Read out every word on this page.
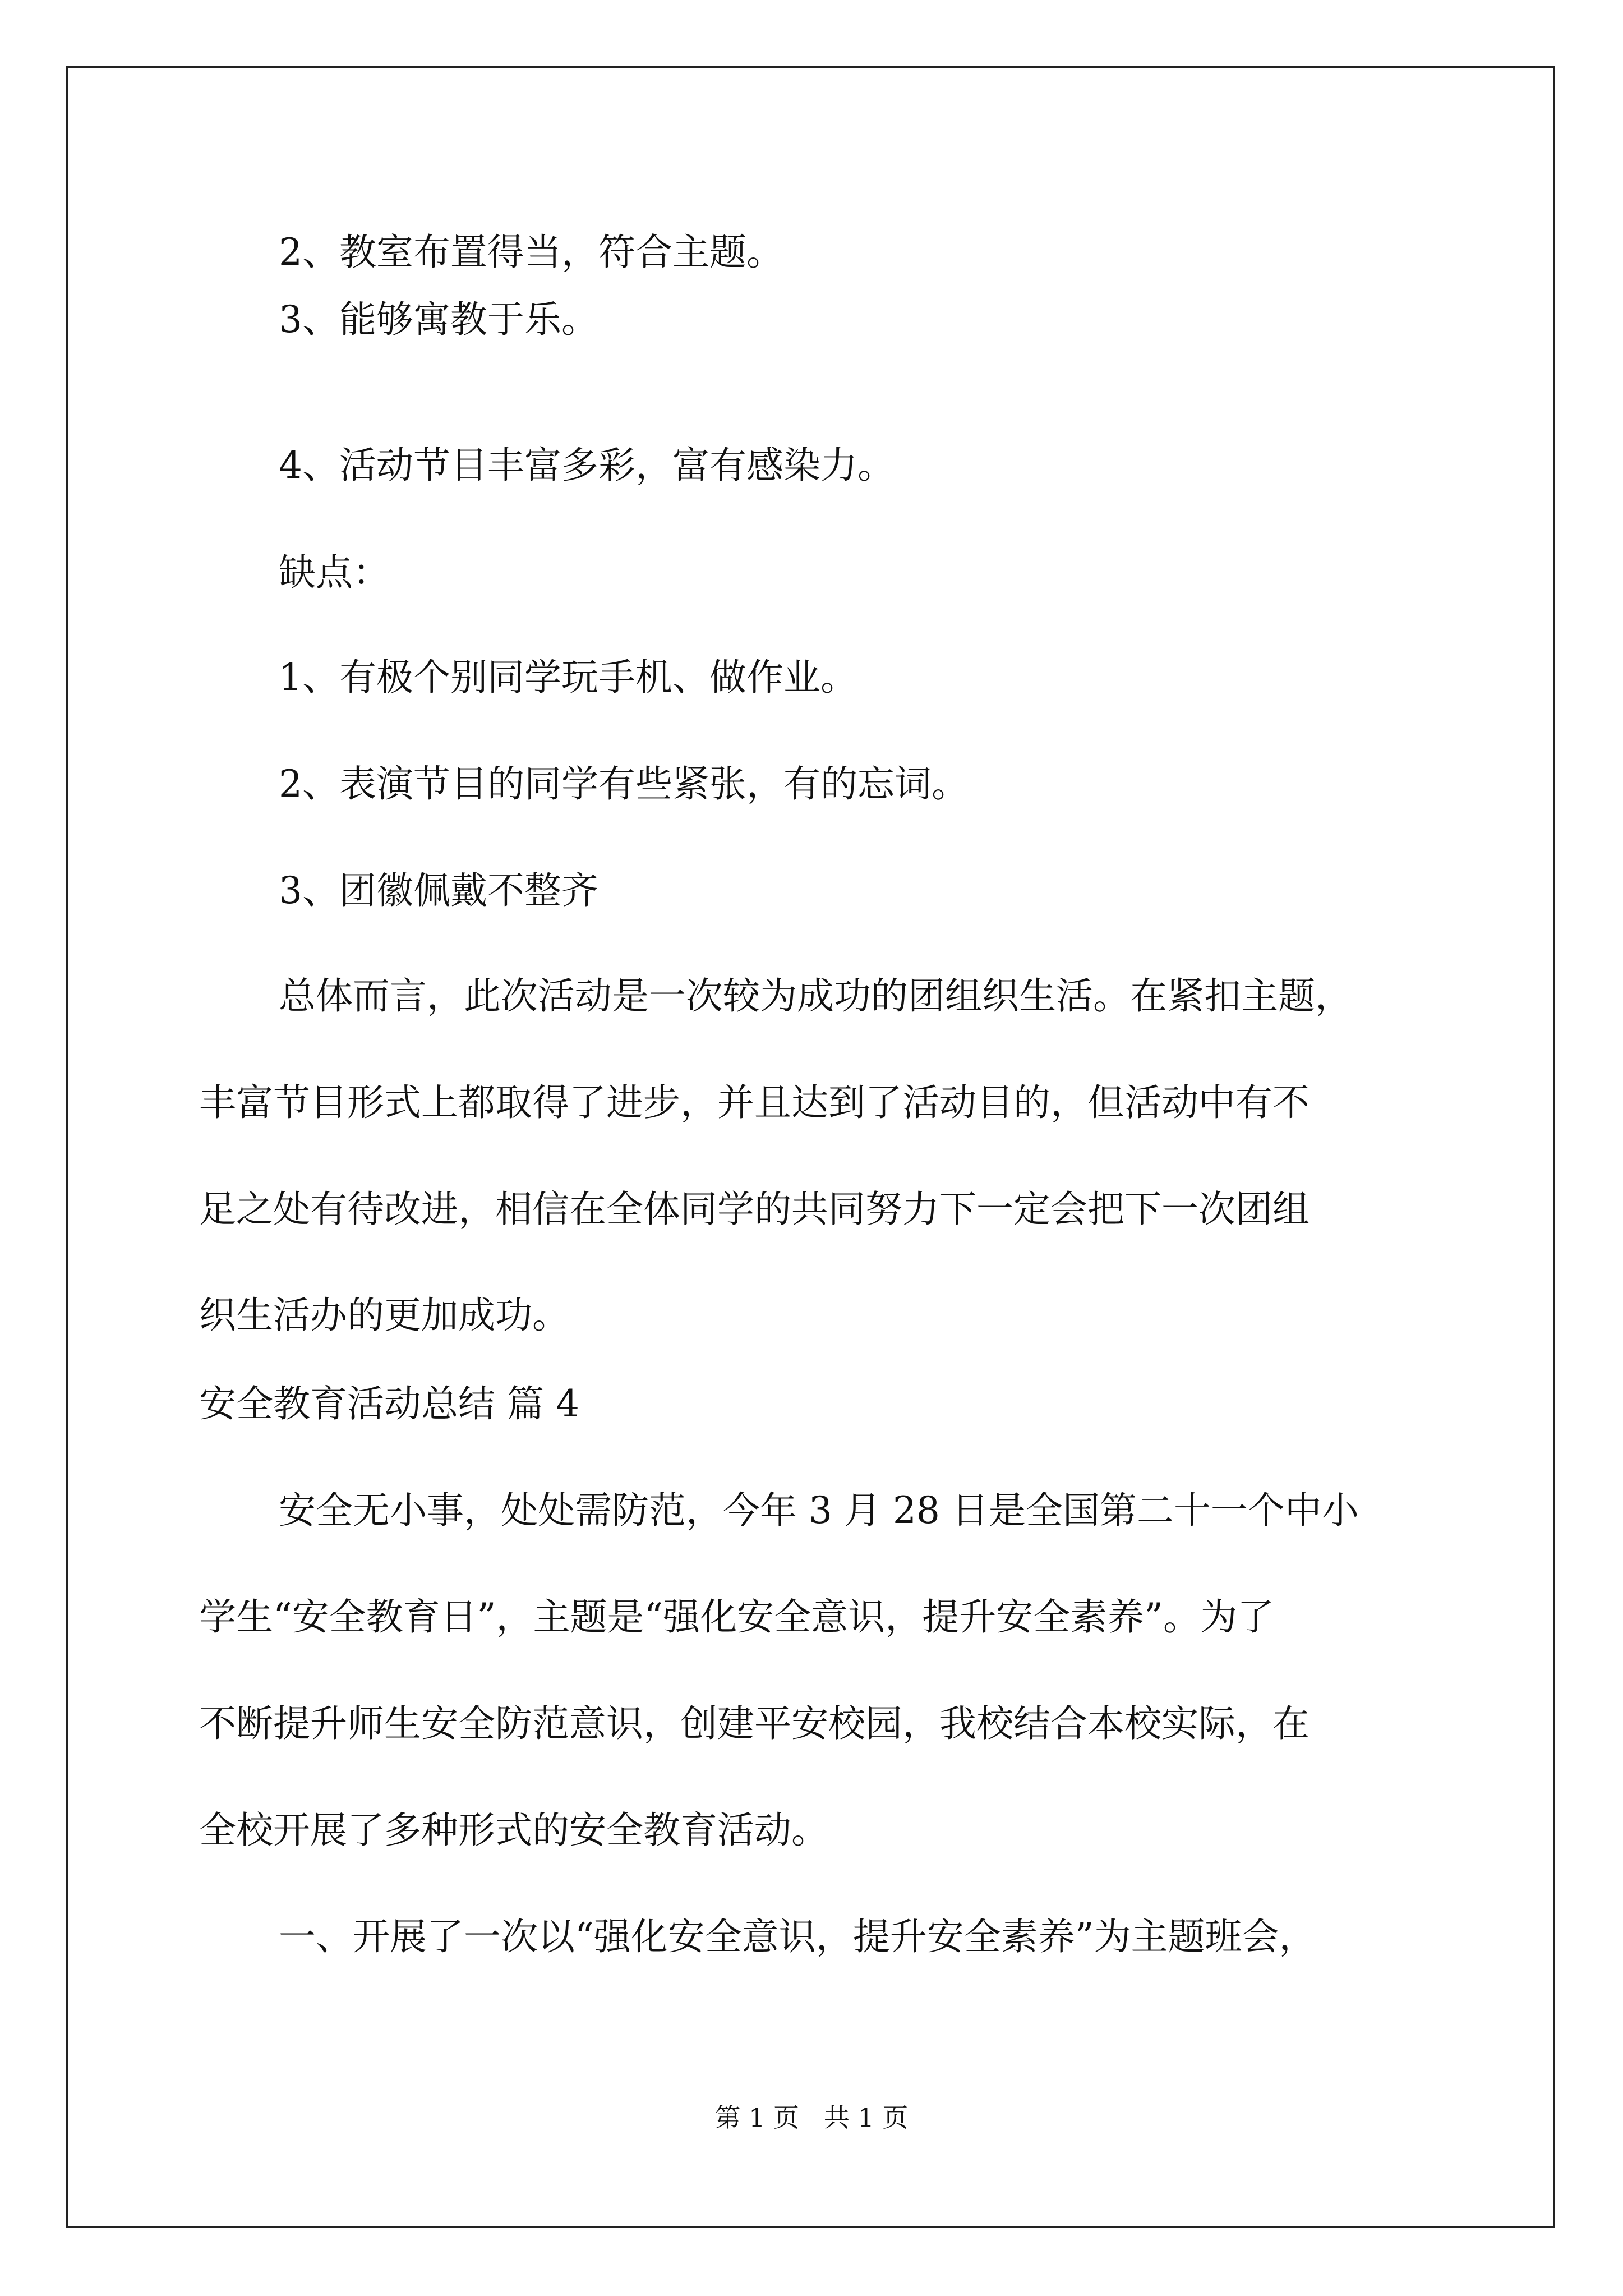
2、教室布置得当，符合主题。
3、能够寓教于乐。
4、活动节目丰富多彩，富有感染力。
缺点：
1、有极个别同学玩手机、做作业。
2、表演节目的同学有些紧张，有的忘词。
3、团徽佩戴不整齐
总体而言，此次活动是一次较为成功的团组织生活。在紧扣主题，
丰富节目形式上都取得了进步，并且达到了活动目的，但活动中有不
足之处有待改进，相信在全体同学的共同努力下一定会把下一次团组
织生活办的更加成功。
安全教育活动总结 篇 4
安全无小事，处处需防范，今年 3 月 28 日是全国第二十一个中小
学生“安全教育日”，主题是“强化安全意识，提升安全素养”。为了
不断提升师生安全防范意识，创建平安校园，我校结合本校实际，在
全校开展了多种形式的安全教育活动。
一、开展了一次以“强化安全意识，提升安全素养”为主题班会，
第 1 页   共 1 页
